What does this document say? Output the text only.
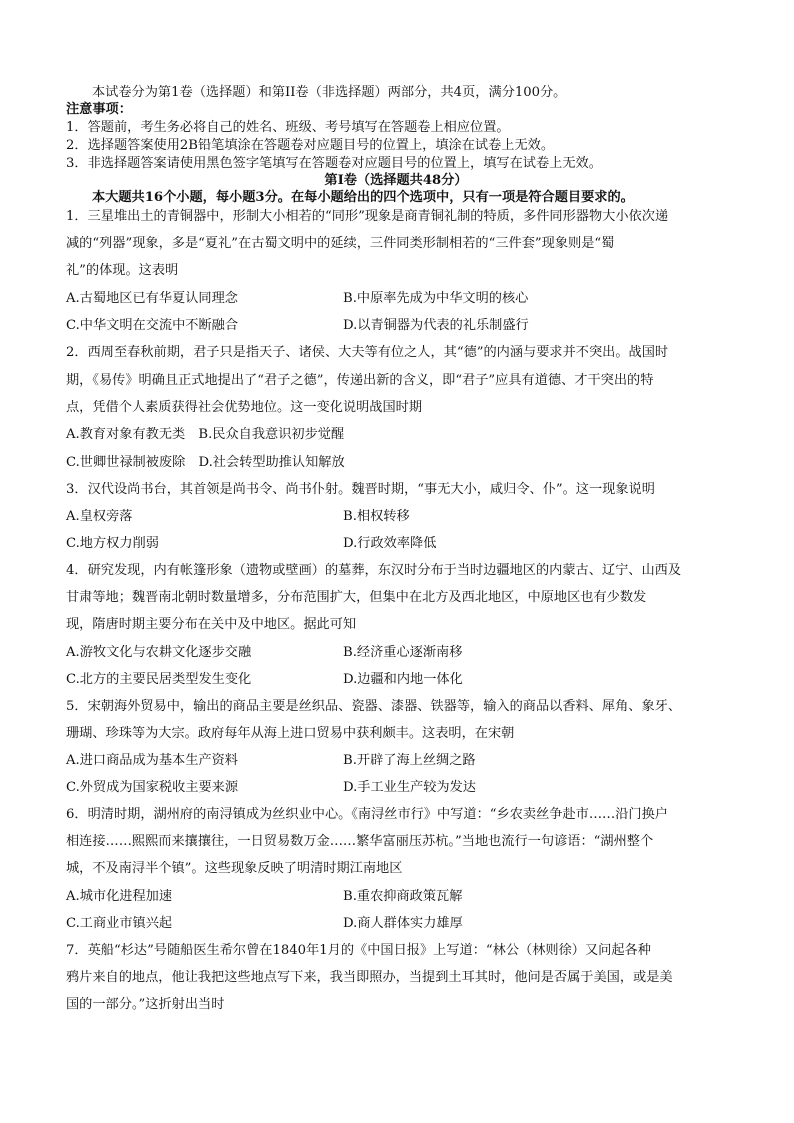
本试卷分为第1卷（选择题）和第II卷（非选择题）两部分，共4页，满分100分。
注意事项：
1．答题前，考生务必将自己的姓名、班级、考号填写在答题卷上相应位置。
2．选择题答案使用2B铅笔填涂在答题卷对应题目号的位置上，填涂在试卷上无效。
3．非选择题答案请使用黑色签字笔填写在答题卷对应题目号的位置上，填写在试卷上无效。
第I卷（选择题共48分）
本大题共16个小题，每小题3分。在每小题给出的四个选项中，只有一项是符合题目要求的。
1．三星堆出土的青铜器中，形制大小相若的“同形”现象是商青铜礼制的特质，多件同形器物大小依次递
减的“列器”现象，多是“夏礼”在古蜀文明中的延续，三件同类形制相若的“三件套”现象则是“蜀
礼”的体现。这表明
A.古蜀地区已有华夏认同理念	B.中原率先成为中华文明的核心
C.中华文明在交流中不断融合	D.以青铜器为代表的礼乐制盛行
2．西周至春秋前期，君子只是指天子、诸侯、大夫等有位之人，其“德”的内涵与要求并不突出。战国时
期，《易传》明确且正式地提出了“君子之德”，传递出新的含义，即“君子”应具有道德、才干突出的特
点，凭借个人素质获得社会优势地位。这一变化说明战国时期
A.教育对象有教无类　B.民众自我意识初步觉醒
C.世卿世禄制被废除　D.社会转型助推认知解放
3．汉代设尚书台，其首领是尚书令、尚书仆射。魏晋时期，“事无大小，咸归令、仆”。这一现象说明
A.皇权旁落	B.相权转移
C.地方权力削弱	D.行政效率降低
4．研究发现，内有帐篷形象（遗物或壁画）的墓葬，东汉时分布于当时边疆地区的内蒙古、辽宁、山西及
甘肃等地；魏晋南北朝时数量增多，分布范围扩大，但集中在北方及西北地区，中原地区也有少数发
现，隋唐时期主要分布在关中及中地区。据此可知
A.游牧文化与农耕文化逐步交融	B.经济重心逐渐南移
C.北方的主要民居类型发生变化	D.边疆和内地一体化
5．宋朝海外贸易中，输出的商品主要是丝织品、瓷器、漆器、铁器等，输入的商品以香料、犀角、象牙、
珊瑚、珍珠等为大宗。政府每年从海上进口贸易中获利颇丰。这表明，在宋朝
A.进口商品成为基本生产资料	B.开辟了海上丝绸之路
C.外贸成为国家税收主要来源	D.手工业生产较为发达
6．明清时期，湖州府的南浔镇成为丝织业中心。《南浔丝市行》中写道：“乡农卖丝争赴市……沿门换户
相连接……熙熙而来攘攘往，一日贸易数万金……繁华富丽压苏杭。”当地也流行一句谚语：“湖州整个
城，不及南浔半个镇”。这些现象反映了明清时期江南地区
A.城市化进程加速	B.重农抑商政策瓦解
C.工商业市镇兴起	D.商人群体实力雄厚
7．英船“杉达”号随船医生希尔曾在1840年1月的《中国日报》上写道：“林公（林则徐）又问起各种
鸦片来自的地点，他让我把这些地点写下来，我当即照办，当提到土耳其时，他问是否属于美国，或是美
国的一部分。”这折射出当时
